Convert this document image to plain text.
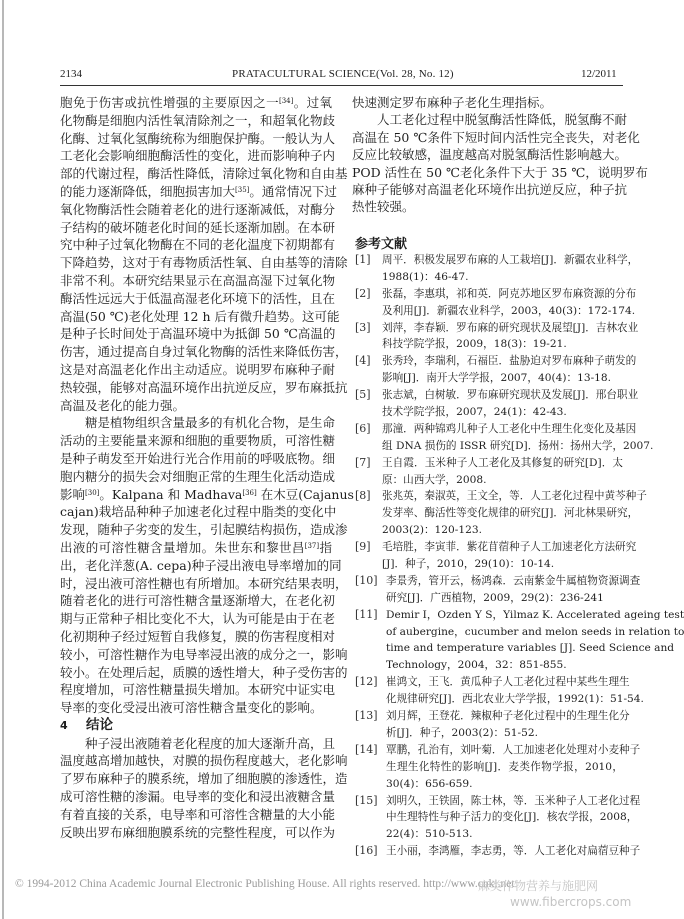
2134	PRATACULTURAL SCIENCE(Vol. 28, No. 12)	12/2011
胞免于伤害或抗性增强的主要原因之一[34]。过氧
化物酶是细胞内活性氧清除剂之一，和超氧化物歧
化酶、过氧化氢酶统称为细胞保护酶。一般认为人
工老化会影响细胞酶活性的变化，进而影响种子内
部的代谢过程，酶活性降低，清除过氧化物和自由基
的能力逐渐降低，细胞损害加大[35]。通常情况下过
氧化物酶活性会随着老化的进行逐渐减低，对酶分
子结构的破坏随老化时间的延长逐渐加剧。在本研
究中种子过氧化物酶在不同的老化温度下初期都有
下降趋势，这对于有毒物质活性氧、自由基等的清除
非常不利。本研究结果显示在高温高湿下过氧化物
酶活性远远大于低温高湿老化环境下的活性，且在
高温(50 ℃)老化处理 12 h 后有微升趋势。这可能
是种子长时间处于高温环境中为抵御 50 ℃高温的
伤害，通过提高自身过氧化物酶的活性来降低伤害，
这是对高温老化作出主动适应。说明罗布麻种子耐
热较强，能够对高温环境作出抗逆反应，罗布麻抵抗
高温及老化的能力强。
糖是植物组织含量最多的有机化合物，是生命
活动的主要能量来源和细胞的重要物质，可溶性糖
是种子萌发至开始进行光合作用前的呼吸底物。细
胞内糖分的损失会对细胞正常的生理生化活动造成
影响[30]。Kalpana 和 Madhava[36] 在木豆(Cajanus
cajan)栽培品种种子加速老化过程中脂类的变化中
发现，随种子劣变的发生，引起膜结构损伤，造成渗
出液的可溶性糖含量增加。朱世东和黎世昌[37]指
出，老化洋葱(A. cepa)种子浸出液电导率增加的同
时，浸出液可溶性糖也有所增加。本研究结果表明，
随着老化的进行可溶性糖含量逐渐增大，在老化初
期与正常种子相比变化不大，认为可能是由于在老
化初期种子经过短暂自我修复，膜的伤害程度相对
较小，可溶性糖作为电导率浸出液的成分之一，影响
较小。在处理后起，质膜的透性增大，种子受伤害的
程度增加，可溶性糖量损失增加。本研究中证实电
导率的变化受浸出液可溶性糖含量变化的影响。
4 结论
种子浸出液随着老化程度的加大逐渐升高，且
温度越高增加越快，对膜的损伤程度越大，老化影响
了罗布麻种子的膜系统，增加了细胞膜的渗透性，造
成可溶性糖的渗漏。电导率的变化和浸出液糖含量
有着直接的关系，电导率和可溶性含糖量的大小能
反映出罗布麻细胞膜系统的完整性程度，可以作为
快速测定罗布麻种子老化生理指标。
人工老化过程中脱氢酶活性降低，脱氢酶不耐
高温在 50 ℃条件下短时间内活性完全丧失，对老化
反应比较敏感，温度越高对脱氢酶活性影响越大。
POD 活性在 50 ℃老化条件下大于 35 ℃，说明罗布
麻种子能够对高温老化环境作出抗逆反应，种子抗
热性较强。
参考文献
[1] 周平．积极发展罗布麻的人工栽培[J]．新疆农业科学，
1988(1)：46-47.
[2] 张磊，李惠琪，祁和英．阿克苏地区罗布麻资源的分布
及利用[J]．新疆农业科学，2003，40(3)：172-174.
[3] 刘萍，李春颖．罗布麻的研究现状及展望[J]．吉林农业
科技学院学报，2009，18(3)：19-21.
[4] 张秀玲，李瑞利，石福臣．盐胁迫对罗布麻种子萌发的
影响[J]．南开大学学报，2007，40(4)：13-18.
[5] 张志斌，白树敏．罗布麻研究现状及发展[J]．邢台职业
技术学院学报，2007，24(1)：42-43.
[6] 那潼．两种锦鸡儿种子人工老化中生理生化变化及基因
组 DNA 损伤的 ISSR 研究[D]．扬州：扬州大学，2007.
[7] 王自霞．玉米种子人工老化及其修复的研究[D]．太
原：山西大学，2008.
[8] 张兆英，秦淑英，王文全，等．人工老化过程中黄芩种子
发芽率、酶活性等变化规律的研究[J]．河北林果研究，
2003(2)：120-123.
[9] 毛培胜，李寅菲．紫花苜蓿种子人工加速老化方法研究
[J]．种子，2010，29(10)：10-14.
[10] 李景秀，管开云，杨鸿森．云南紫金牛属植物资源调查
研究[J]．广西植物，2009，29(2)：236-241
[11] Demir I，Ozden Y S，Yilmaz K. Accelerated ageing test
of aubergine，cucumber and melon seeds in relation to
time and temperature variables [J]. Seed Science and
Technology，2004，32：851-855.
[12] 崔鸿文，王飞．黄瓜种子人工老化过程中某些生理生
化规律研究[J]．西北农业大学学报，1992(1)：51-54.
[13] 刘月辉，王登花．辣椒种子老化过程中的生理生化分
析[J]．种子，2003(2)：51-52.
[14] 覃鹏，孔治有，刘叶菊．人工加速老化处理对小麦种子
生理生化特性的影响[J]．麦类作物学报，2010，
30(4)：656-659.
[15] 刘明久，王铁固，陈士林，等．玉米种子人工老化过程
中生理特性与种子活力的变化[J]．核农学报，2008，
22(4)：510-513.
[16] 王小丽，李鸿雁，李志勇，等．人工老化对扁蓿豆种子
© 1994-2012 China Academic Journal Electronic Publishing House. All rights reserved. http://www.cnki.net
麻类作物营养与施肥网
www.fibercrops.com
